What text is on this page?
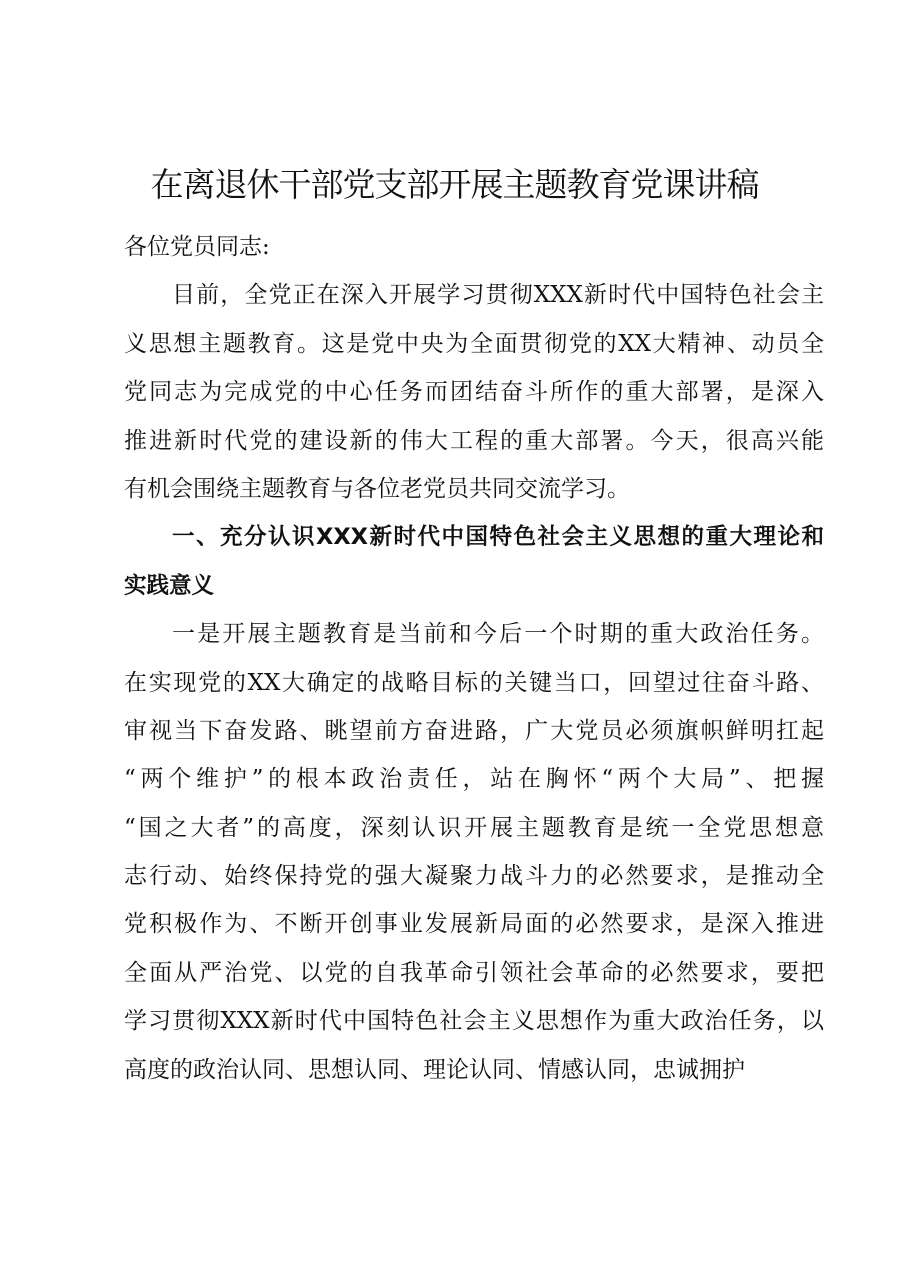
在离退休干部党支部开展主题教育党课讲稿
各位党员同志:
目前，全党正在深入开展学习贯彻XXX新时代中国特色社会主
义思想主题教育。这是党中央为全面贯彻党的XX大精神、动员全
党同志为完成党的中心任务而团结奋斗所作的重大部署，是深入
推进新时代党的建设新的伟大工程的重大部署。今天，很高兴能
有机会围绕主题教育与各位老党员共同交流学习。
一、充分认识XXX新时代中国特色社会主义思想的重大理论和
实践意义
一是开展主题教育是当前和今后一个时期的重大政治任务。
在实现党的XX大确定的战略目标的关键当口，回望过往奋斗路、
审视当下奋发路、眺望前方奋进路，广大党员必须旗帜鲜明扛起
“两个维护”的根本政治责任，站在胸怀“两个大局”、把握
“国之大者”的高度，深刻认识开展主题教育是统一全党思想意
志行动、始终保持党的强大凝聚力战斗力的必然要求，是推动全
党积极作为、不断开创事业发展新局面的必然要求，是深入推进
全面从严治党、以党的自我革命引领社会革命的必然要求，要把
学习贯彻XXX新时代中国特色社会主义思想作为重大政治任务，以
高度的政治认同、思想认同、理论认同、情感认同，忠诚拥护
